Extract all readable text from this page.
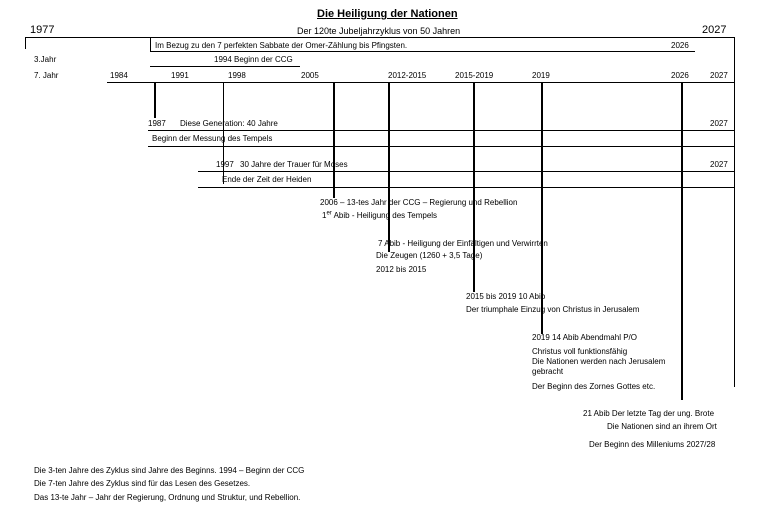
Die Heiligung der Nationen
1977	Der 120te Jubeljahrzyklus von 50 Jahren	2027
Im Bezug zu den 7 perfekten Sabbate der Omer-Zählung bis Pfingsten.	2026
3.Jahr	1994 Beginn der CCG
7. Jahr	1984	1991	1998	2005	2012-2015	2015-2019	2019	2026	2027
1987 Diese Generation: 40 Jahre	2027
Beginn der Messung des Tempels
1997 30 Jahre der Trauer für Moses	2027
Ende der Zeit der Heiden
2006 – 13-tes Jahr der CCG – Regierung und Rebellion
1er Abib - Heiligung des Tempels
7 Abib - Heiligung der Einfältigen und Verwirrten
Die Zeugen (1260 + 3,5 Tage)
2012 bis 2015
2015 bis 2019 10 Abib
Der triumphale Einzug von Christus in Jerusalem
2019 14 Abib Abendmahl P/O
Christus voll funktionsfähig
Die Nationen werden nach Jerusalem
gebracht
Der Beginn des Zornes Gottes etc.
21 Abib Der letzte Tag der ung. Brote
Die Nationen sind an ihrem Ort
Der Beginn des Milleniums 2027/28
Die 3-ten Jahre des Zyklus sind Jahre des Beginns. 1994 – Beginn der CCG
Die 7-ten Jahre des Zyklus sind für das Lesen des Gesetzes.
Das 13-te Jahr – Jahr der Regierung, Ordnung und Struktur, und Rebellion.
